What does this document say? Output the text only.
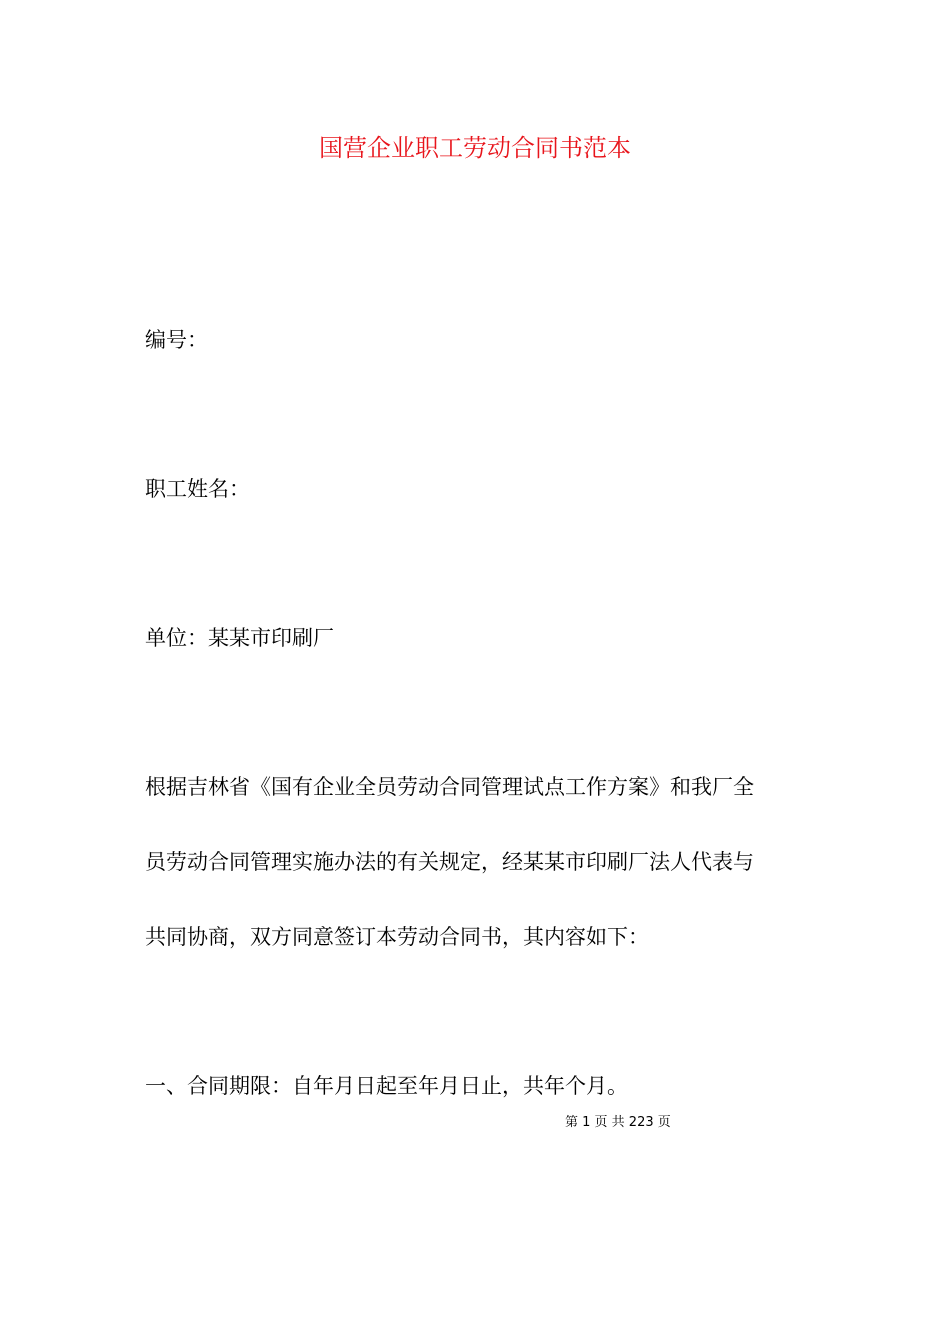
国营企业职工劳动合同书范本
编号：
职工姓名：
单位：某某市印刷厂
根据吉林省《国有企业全员劳动合同管理试点工作方案》和我厂全
员劳动合同管理实施办法的有关规定，经某某市印刷厂法人代表与
共同协商，双方同意签订本劳动合同书，其内容如下：
一、合同期限：自年月日起至年月日止，共年个月。
第 1 页 共 223 页
